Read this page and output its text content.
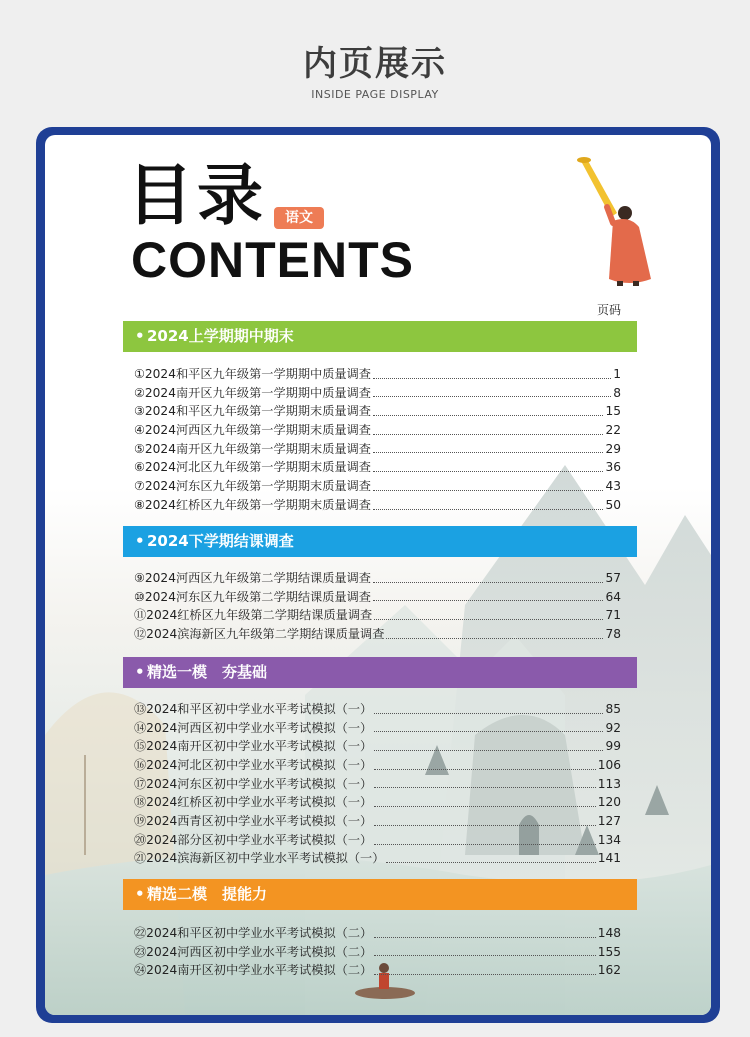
内页展示
INSIDE PAGE DISPLAY
目录	语文
CONTENTS
页码
• 2024上学期期中期末
①2024和平区九年级第一学期期中质量调查	1
②2024南开区九年级第一学期期中质量调查	8
③2024和平区九年级第一学期期末质量调查	15
④2024河西区九年级第一学期期末质量调查	22
⑤2024南开区九年级第一学期期末质量调查	29
⑥2024河北区九年级第一学期期末质量调查	36
⑦2024河东区九年级第一学期期末质量调查	43
⑧2024红桥区九年级第一学期期末质量调查	50
• 2024下学期结课调查
⑨2024河西区九年级第二学期结课质量调查	57
⑩2024河东区九年级第二学期结课质量调查	64
⑪2024红桥区九年级第二学期结课质量调查	71
⑫2024滨海新区九年级第二学期结课质量调查	78
• 精选一模　夯基础
⑬2024和平区初中学业水平考试模拟（一）	85
⑭2024河西区初中学业水平考试模拟（一）	92
⑮2024南开区初中学业水平考试模拟（一）	99
⑯2024河北区初中学业水平考试模拟（一）	106
⑰2024河东区初中学业水平考试模拟（一）	113
⑱2024红桥区初中学业水平考试模拟（一）	120
⑲2024西青区初中学业水平考试模拟（一）	127
⑳2024部分区初中学业水平考试模拟（一）	134
㉑2024滨海新区初中学业水平考试模拟（一）	141
• 精选二模　提能力
㉒2024和平区初中学业水平考试模拟（二）	148
㉓2024河西区初中学业水平考试模拟（二）	155
㉔2024南开区初中学业水平考试模拟（二）	162
